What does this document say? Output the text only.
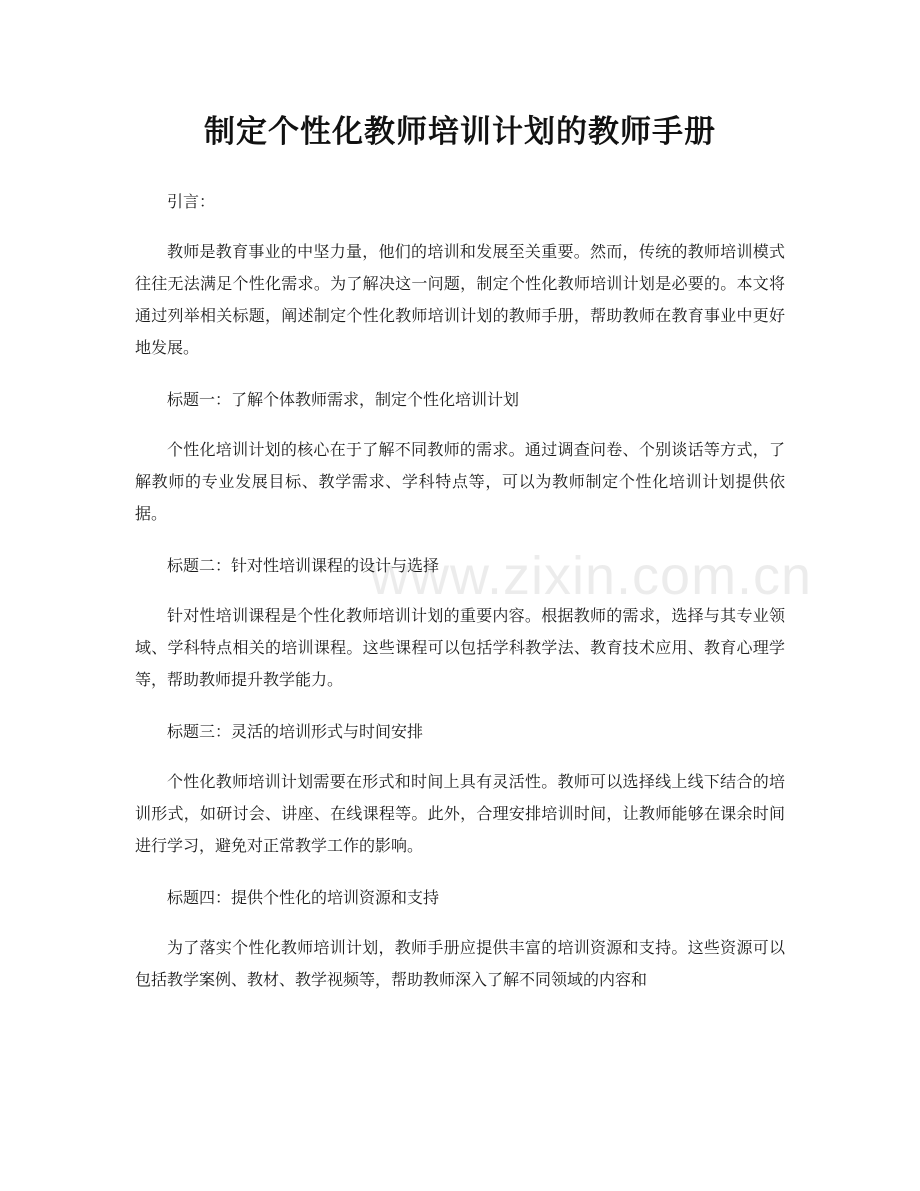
制定个性化教师培训计划的教师手册
www.zixin.com.cn

引言：

教师是教育事业的中坚力量，他们的培训和发展至关重要。然而，传统的教师培训模式往往无法满足个性化需求。为了解决这一问题，制定个性化教师培训计划是必要的。本文将通过列举相关标题，阐述制定个性化教师培训计划的教师手册，帮助教师在教育事业中更好地发展。

标题一：了解个体教师需求，制定个性化培训计划

个性化培训计划的核心在于了解不同教师的需求。通过调查问卷、个别谈话等方式，了解教师的专业发展目标、教学需求、学科特点等，可以为教师制定个性化培训计划提供依据。

标题二：针对性培训课程的设计与选择

针对性培训课程是个性化教师培训计划的重要内容。根据教师的需求，选择与其专业领域、学科特点相关的培训课程。这些课程可以包括学科教学法、教育技术应用、教育心理学等，帮助教师提升教学能力。

标题三：灵活的培训形式与时间安排

个性化教师培训计划需要在形式和时间上具有灵活性。教师可以选择线上线下结合的培训形式，如研讨会、讲座、在线课程等。此外，合理安排培训时间，让教师能够在课余时间进行学习，避免对正常教学工作的影响。

标题四：提供个性化的培训资源和支持

为了落实个性化教师培训计划，教师手册应提供丰富的培训资源和支持。这些资源可以包括教学案例、教材、教学视频等，帮助教师深入了解不同领域的内容和
